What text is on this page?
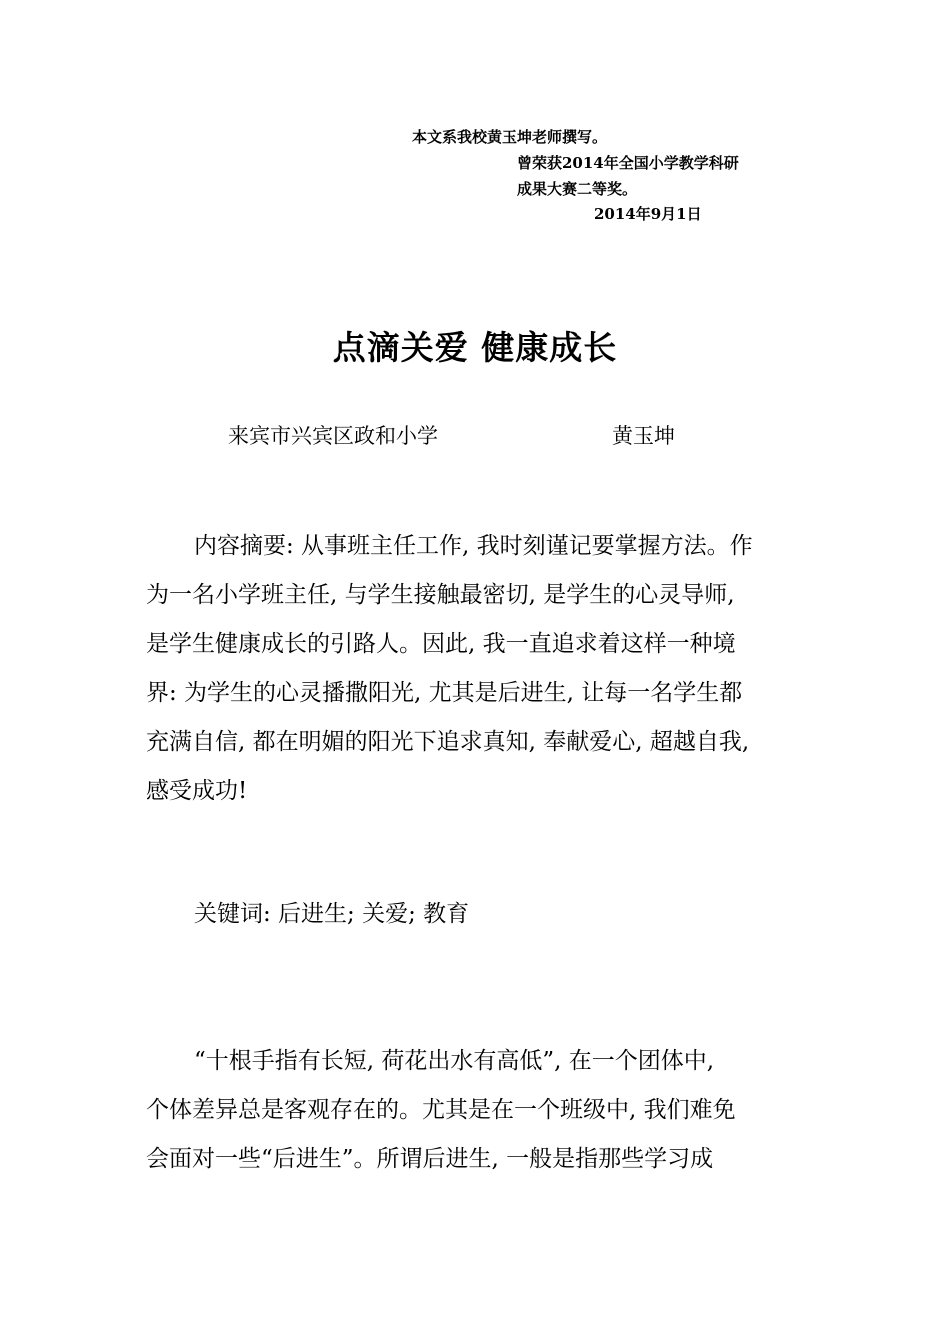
本文系我校黄玉坤老师撰写。
曾荣获2014年全国小学教学科研
成果大赛二等奖。
2014年9月1日
点滴关爱 健康成长
来宾市兴宾区政和小学	黄玉坤
内容摘要: 从事班主任工作, 我时刻谨记要掌握方法。作
为一名小学班主任, 与学生接触最密切, 是学生的心灵导师,
是学生健康成长的引路人。因此, 我一直追求着这样一种境
界: 为学生的心灵播撒阳光, 尤其是后进生, 让每一名学生都
充满自信, 都在明媚的阳光下追求真知, 奉献爱心, 超越自我,
感受成功!
关键词: 后进生; 关爱; 教育
“十根手指有长短, 荷花出水有高低”, 在一个团体中,
个体差异总是客观存在的。尤其是在一个班级中, 我们难免
会面对一些“后进生”。所谓后进生, 一般是指那些学习成
